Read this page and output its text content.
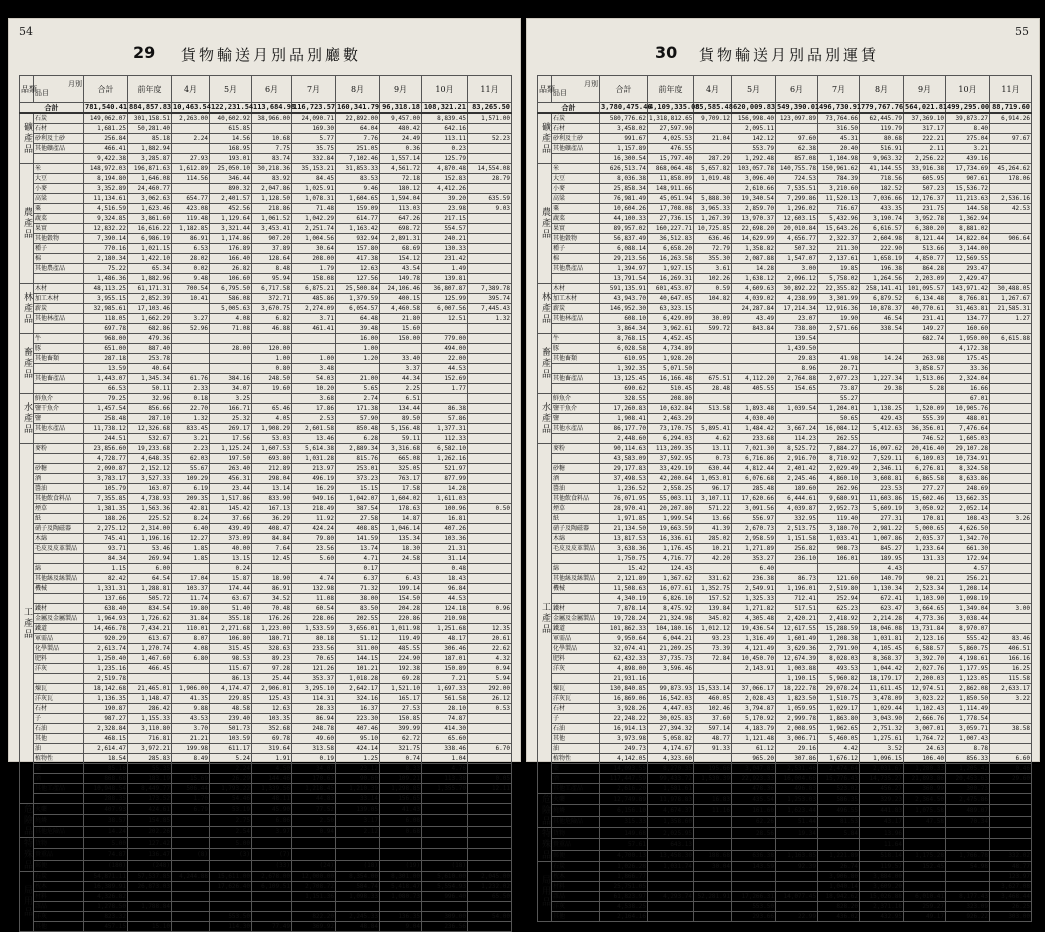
54
29 貨物輸送月別品別廳數
品類	月別
品目	合計	前年度	4月	5月	6月	7月	8月	9月	10月	11月
合計		781,540.41	884,857.83	10,463.54	122,231.54	113,684.98	116,723.57	160,341.79	96,318.18	108,321.21	83,265.50
礦產品	石炭	149,062.07	301,158.51	2,263.00	40,602.92	38,966.00	24,090.71	22,892.00	9,457.00	8,839.45	1,571.00
	石材	1,681.25	50,281.40		615.85		169.30	64.04	480.42	642.16	
	砂利及土砂	256.84	85.18	2.24	14.56	10.68	5.77	7.76	24.49	113.11	52.23
	其他礦產品	466.41	1,882.94		168.95	7.75	35.75	251.05	0.36	0.23	
		9,422.38	3,285.87	27.93	193.01	83.74	332.84	7,102.46	1,557.14	125.79	
農產品	米	148,972.03	196,871.63	1,612.89	25,050.10	30,218.36	35,153.21	31,853.33	4,561.72	4,870.48	14,554.08
	大豆	8,194.80	1,646.08	114.56	346.44	83.92	84.45	83.53	72.18	152.83	28.79
	小麥	3,352.89	24,460.77		890.32	2,047.86	1,025.91	9.46	180.12	4,412.26	
	高粱	11,134.61	3,062.63	654.77	2,401.57	1,128.50	1,078.31	1,604.65	1,594.04	39.20	635.59
	粟	4,516.59	1,623.46	423.08	452.56	218.86	71.48	159.09	113.03	23.98	9.03
	蔬菜	9,324.85	3,861.60	119.48	1,129.64	1,061.52	1,042.29	614.77	647.26	217.15	
	果實	12,832.22	16,616.22	1,182.85	3,321.44	3,453.41	2,251.74	1,163.42	698.72	554.57	
	其他穀物	7,390.14	6,986.19	86.91	1,174.86	907.20	1,004.56	932.94	2,891.31	240.21	
	種子	770.16	1,021.15	6.53	176.89	37.89	30.64	157.80	68.69	130.33	
	棉	2,180.34	1,422.10	28.02	166.40	128.64	208.00	417.38	154.12	231.42	
	其他農產品	75.22	65.34	0.02	26.82	8.48	1.79	12.63	43.54	1.49	
		1,486.36	1,882.96	9.48	106.60	95.94	158.08	127.56	149.78	139.81	
林產品	木材	48,113.25	61,171.31	700.54	6,795.50	6,717.58	6,875.21	25,500.84	24,106.46	36,807.87	7,389.78
	加工木材	3,955.15	2,852.39	10.41	586.08	372.71	485.86	1,379.59	400.15	125.99	395.74
	薪炭	32,985.61	17,103.46		5,005.63	3,670.75	2,274.09	6,054.57	4,460.58	6,007.56	7,445.43
	其他林產品	118.05	1,662.29	3.27	4.08	6.82	3.71	64.48	21.80	12.51	1.32
		697.78	682.86	52.96	71.08	46.88	461.41	39.48	15.60		
畜產品	牛	968.00	479.36					16.00	150.00	779.00	
	豚	651.00	887.40		28.00	120.00		1.00		494.00	
	其他畜類	287.18	253.78			1.00	1.00	1.20	33.40	22.00	
		13.59	40.64			0.80	3.48		3.37	44.53	
	其他畜產品	1,443.07	1,345.34	61.76	384.16	248.50	54.03	21.00	44.34	152.69	
		66.53	50.11	2.33	34.07	19.60	10.20	5.65	2.25	1.77	
水產品	鮮魚介	79.25	32.96	0.18	3.25		3.68	2.74	6.51		
	鹽干魚介	1,457.54	856.66	22.70	166.71	65.46	17.86	171.38	134.44	86.38	
	鹽	258.48	287.10	1.32	25.32	4.05	2.53	57.90	89.50	57.86	
	其他水產品	11,738.12	12,326.68	833.45	269.17	1,908.29	2,601.58	850.48	5,156.48	1,377.31	
		244.51	532.67	3.21	17.56	53.03	13.46	6.28	59.11	112.33	
工產品	麥粉	23,856.60	19,233.68	2.23	1,125.24	1,607.53	5,614.38	2,889.34	3,316.68	6,582.10	
		4,728.77	4,648.35	62.03	197.50	693.80	1,031.28	815.76	665.08	1,262.16	
	砂糖	2,090.87	2,152.12	55.67	263.40	212.89	213.97	253.01	325.05	521.97	
	酒	3,783.17	3,527.33	109.29	456.31	298.04	496.19	373.23	763.17	877.99	
	醬油	105.79	163.07	6.19	23.44	13.14	16.29	15.15	17.58	14.28	
	其他飲食料品	7,355.85	4,738.93	209.35	1,517.86	833.90	949.16	1,042.07	1,604.02	1,611.03	
	煙草	1,381.35	1,563.36	42.81	145.42	167.13	218.49	387.54	178.63	100.96	0.50
	紙	188.26	225.52	8.24	37.66	36.29	11.92	27.58	14.87	16.81	
	硝子及陶磁器	2,275.12	2,314.00	6.40	439.49	408.47	424.24	408.85	1,046.14	407.26	
	木綿	745.41	1,196.16	12.27	373.09	84.84	79.80	141.59	135.34	103.36	
	毛皮及皮革製品	93.71	53.46	1.85	40.00	7.64	23.56	13.74	18.30	21.31	
		84.34	269.94	1.85	13.15	12.45	5.60	4.71	24.58	31.14	
	綿	1.15	6.00		0.24			0.17		0.48	
	其他絲及絲製品	82.42	64.54	17.04	15.87	18.90	4.74	6.37	6.43	18.43	
	機械	1,331.31	1,288.81	103.37	174.44	86.91	132.98	71.32	199.14	96.84	
		137.66	505.72	11.74	63.67	34.52	11.08	38.00	154.50	44.53	
	鐵材	638.40	834.54	19.80	51.40	70.48	60.54	83.50	204.28	124.18	0.96
	金屬及金屬製品	1,964.93	1,726.62	31.84	355.18	176.26	228.06	202.55	220.86	210.98	
	鐵道	14,466.78	7,434.21	110.01	2,271.68	1,223.00	1,533.59	3,656.01	1,011.98	1,251.68	12.35
	軍需品	920.29	613.67	8.07	106.80	180.71	80.18	51.12	119.49	48.17	20.61
	化學製品	2,613.74	1,270.74	4.08	315.45	328.63	233.56	311.00	485.55	306.46	22.62
	肥料	1,250.40	1,467.60	6.80	98.53	89.23	70.65	144.15	224.90	187.01	4.32
	洋灰	1,235.16	466.45		115.67	97.28	121.26	101.21	192.38	150.89	0.94
		2,519.78			86.13	25.44	353.37	1,018.28	69.28	7.21	5.94
	煉瓦	18,142.68	21,465.01	1,906.00	4,174.47	2,906.01	3,295.10	2,642.17	1,521.10	1,697.33	292.00
	洋灰瓦	1,136.35	1,148.47	41.35	229.85	125.43	114.31	324.16	165.17	561.58	26.12
	石材	190.87	286.42	9.88	48.58	12.63	28.33	16.37	27.53	28.10	0.53
	子	987.27	1,155.33	43.53	239.40	103.35	86.94	223.30	150.85	74.87	
	石油	2,328.84	3,110.80	3.70	501.73	352.68	248.78	407.46	399.99	414.30	
	其他	468.15	716.81	21.21	103.59	69.78	49.60	95.10	62.72	65.60	
	油	2,614.47	3,972.21	199.98	611.17	319.64	313.58	424.14	321.75	338.46	6.70
	植物性	18.54	285.83	8.49	5.24	1.91	0.19	1.25	0.74	1.04	
	藥	85.16	55.35		2.24	4.50	34.07	23.12	8.33	4.76	
	酒	868.68	183.19	15.69	26.29	144.46	170.63	90.60	109.21	113.38	0.05
	其他工產品	10,948.54	8,449.77	506.44	1,793.22	1,339.56	1,218.45	1,210.39	1,298.85	1,355.70	12.11
		288.35	173.52	1.70	54.46	48.11	44.83	33.14	156.65		
危險品	火藥	407.93	424.61	6.79	53.19	45.90	77.52	139.05	41.43		
	燒燐	38.57	154.85		2.75	6.86	2.50	3.17	6.08		
	其他危險品	14.24	202.26		2.54	3.97	0.94	2.12	0.68		
特殊品	貨物	5.00	127.42		5.00						
	貴重品	74.87	136.47	(8)	(3)	(7)					
	郵便	(180)	(248)			(33)	(24)	(18)	(19)	(18)	
局用品	石炭	54,871.11	57,537.85	4,244.88	15,611.00	2,678.00	12,000.00	8,354.00	8,301.00	5,610.00	2,045.00
	枕木	16,389.91	26,873.03		17,626.40	6,109.51	2,708.72	584.74	5,418.47	5,554.93	1,232.02
	材料	4,326.82					1,151.36	1,098.33	1,080.73	996.40	65.50
	雜品	1,278.50	1,788.84								
	洋灰	823.32			553.50		822.20	2,245.33	136.35	309.00	54.00
	其他	457.15	15.10		114.30	77.49	369.92	48.84	9.04	236.56	
55
30 貨物輸送月別品別運賃
品類	月別
品目	合計	前年度	4月	5月	6月	7月	8月	9月	10月	11月
合計		3,780,475.46	4,109,335.08	85,585.48	620,009.83	549,390.01	496,730.91	779,767.76	564,021.81	499,295.00	88,719.60
礦產品	石炭	580,776.62	1,318,812.65	9,709.12	156,998.40	123,097.89	73,764.66	62,445.79	37,369.10	39,873.27	6,914.26
	石材	3,458.02	27,597.90		2,095.11		316.50	119.79	317.17	8.40	
	砂利及土砂	991.67	4,025.53	21.04	142.12	97.60	45.31	80.68	222.21	275.04	97.67
	其他礦產品	1,157.89	476.55		553.79	62.38	20.40	516.91	2.11	3.21	
		16,300.54	15,797.40	287.29	1,292.48	857.08	1,104.98	9,963.32	2,256.22	439.16	
農產品	米	626,513.74	868,064.48	5,657.82	103,057.78	140,755.78	150,961.62	41,144.55	33,916.38	17,734.69	45,264.62
	大豆	8,036.38	11,858.09	1,019.48	3,096.40	724.53	784.39	718.56	605.95	907.61	178.06
	小麥	25,858.34	148,911.66		2,610.66	7,535.51	3,210.60	182.52	507.23	15,536.72	
	高粱	76,981.49	45,051.94	5,888.30	19,340.54	7,299.86	11,520.13	7,036.66	12,176.37	11,213.63	2,536.16
	粟	10,604.26	17,708.08	3,965.33	2,859.70	1,296.02	716.67	433.35	231.75	144.58	42.53
	蔬菜	44,100.33	27,736.15	1,267.39	13,970.37	12,603.15	5,432.96	3,190.74	3,952.78	1,362.94	
	果實	89,957.02	160,227.71	10,725.85	22,698.20	20,010.84	15,643.26	6,616.57	6,380.20	8,881.02	
	其他穀物	56,837.49	36,512.83	636.46	14,629.99	4,656.77	2,322.37	2,604.98	8,121.44	14,822.04	906.64
	種子	6,088.14	6,658.20	72.79	1,358.82	507.32	211.30	222.90	513.66	3,144.00	
	棉	29,213.56	16,263.58	355.30	2,087.88	1,547.07	2,137.61	1,658.19	4,850.77	12,569.55	
	其他農產品	1,394.97	1,927.15	3.61	14.28	3.00	19.85	196.38	864.28	293.47	
		13,791.54	16,269.31	102.26	1,638.12	2,096.12	5,758.02	1,264.56	2,203.09	2,429.47	
林產品	木材	591,135.91	601,453.07	0.59	4,609.63	30,892.22	22,355.82	258,141.41	101,095.57	143,971.42	30,488.05
	加工木材	43,943.70	40,647.05	104.82	4,039.02	4,238.99	3,301.99	6,879.52	6,134.48	8,766.81	1,267.67
	薪炭	146,952.30	63,323.15		24,287.84	17,214.34	12,916.36	10,878.37	40,770.61	31,463.81	21,585.31
	其他林產品	608.10	6,429.09	30.09	43.49	23.07	19.90	46.54	231.41	134.77	1.27
		3,864.34	3,962.61	599.72	843.84	738.80	2,571.66	338.54	149.27	160.60	
畜產品	牛	8,768.15	4,452.45			139.54			682.74	1,950.00	6,615.88
	豚	6,028.58	4,734.89			1,439.50				4,172.38	
	其他畜類	610.95	1,928.20			29.83	41.98	14.24	263.98	175.45	
		1,392.35	5,071.50			8.96	20.71		3,858.57	33.36	
	其他畜產品	13,125.45	16,166.48	675.51	4,112.20	2,764.88	2,077.23	1,227.34	1,513.06	2,324.04	
		690.62	510.45	28.48	405.55	154.65	73.87	29.38	5.28	16.66	
水產品	鮮魚介	328.55	208.80				55.27			67.01	
	鹽干魚介	17,260.83	10,632.84	513.58	1,893.48	1,039.54	1,204.01	1,138.25	1,520.09	10,905.76	
	鹽	1,908.41	2,463.29		4,030.40		50.65	429.43	555.39	488.01	
	其他水產品	86,177.70	73,170.75	5,895.41	1,484.42	3,667.24	16,084.12	5,412.63	36,356.01	7,476.64	
		2,448.60	6,294.03	4.62	233.68	114.23	262.55		746.52	1,605.03	
工產品	麥粉	90,114.63	113,209.35	13.11	7,021.30	8,525.72	7,884.27	16,097.62	20,416.40	29,107.28	
		43,583.09	37,592.95	0.73	6,716.86	2,916.70	8,710.92	7,529.11	6,109.03	10,734.91	
	砂糖	29,177.83	33,429.19	630.44	4,812.44	2,401.42	2,029.49	2,346.11	6,276.81	8,324.58	
	酒	37,498.53	42,200.64	1,053.01	6,076.68	2,245.46	4,860.10	3,608.81	6,865.58	8,633.86	
	醬油	1,236.52	2,558.25	96.17	285.48	189.60	262.96	223.53	277.27	248.69	
	其他飲食料品	76,071.95	55,003.11	3,107.11	17,620.66	6,444.61	9,680.91	11,603.86	15,602.46	13,662.35	
	煙草	28,970.41	20,207.80	571.22	3,091.56	4,039.87	2,952.73	5,609.19	3,050.92	2,052.14	
	紙	1,971.85	1,999.54	13.66	556.97	332.95	119.40	277.31	170.81	108.43	3.26
	硝子及陶磁器	21,134.50	19,663.59	41.39	2,670.73	2,513.75	3,180.70	2,981.22	5,000.65	4,626.50	
	木綿	13,817.53	16,336.61	285.02	2,958.59	1,151.58	1,033.41	1,007.86	2,035.37	1,342.70	
	毛皮及皮革製品	3,638.36	1,176.45	10.21	1,271.89	256.82	908.73	845.27	1,233.64	661.30	
		1,750.75	4,716.77	42.20	353.27	236.10	106.01	189.95	131.33	172.94	
	綿	15.42	124.43		6.40			4.43		4.57	
	其他絲及絲製品	2,121.89	1,367.62	331.62	236.38	86.73	121.60	140.79	90.21	256.21	
	機械	11,508.63	16,077.61	1,352.75	2,549.91	1,196.01	2,519.80	1,130.34	2,523.34	1,208.14	
		4,340.19	6,826.10	157.52	1,325.33	712.41	252.94	672.41	1,103.90	1,098.19	
	鐵材	7,878.14	8,475.92	139.84	1,271.82	517.51	625.23	623.47	3,664.65	1,349.04	3.00
	金屬及金屬製品	19,728.24	21,324.98	345.02	4,305.48	2,420.21	2,418.92	2,214.28	4,773.36	3,038.44	
	鐵道	101,862.33	104,180.16	1,012.12	19,436.54	12,617.55	15,288.59	18,046.08	13,731.84	8,970.07	
	軍需品	9,950.64	6,044.21	93.23	1,316.49	1,601.49	1,208.38	1,031.81	2,123.16	555.42	83.46
	化學製品	32,074.41	21,209.25	73.39	4,121.49	3,629.36	2,791.90	4,105.45	6,588.57	5,860.75	406.51
	肥料	62,432.33	37,735.73	72.84	10,450.70	12,674.39	8,028.03	8,368.37	3,392.70	4,198.61	166.16
	洋灰	4,898.00	3,596.46		2,143.91	1,003.88	493.53	1,044.42	2,027.76	1,177.95	16.25
		21,931.16				1,190.15	5,960.82	18,179.17	2,200.03	1,123.05	115.58
	煉瓦	130,840.85	99,873.93	15,533.14	37,066.17	18,222.78	29,078.24	11,611.45	12,974.51	2,862.08	2,633.17
	洋灰瓦	16,869.06	16,542.03	460.05	2,028.43	1,823.50	1,510.75	3,478.09	3,023.22	1,850.50	3.22
	石材	3,928.26	4,447.03	102.46	3,794.87	1,059.95	1,029.17	1,029.44	1,102.43	1,114.49	
	子	22,248.22	30,025.83	37.60	5,170.92	2,999.78	1,863.80	3,043.90	2,666.76	1,778.54	
	石油	16,914.13	27,394.32	597.14	4,183.79	2,008.95	1,962.65	2,751.32	3,007.01	3,059.71	38.58
	其他	3,973.98	5,058.82	48.77	1,121.48	3,006.71	5,460.05	1,275.61	1,764.72	1,007.43	
	油	249.73	4,174.67	91.33	61.12	29.16	4.42	3.52	24.63	8.78	
	植物性	4,142.05	4,323.60		965.20	307.86	1,676.12	1,096.15	106.40	856.33	6.60
	藥	14,093.55	8,270.35	195.66	3,047.83	2,531.46	2,474.64	2,031.67	1,280.33	1,205.42	0.46
	酒	117,447.59	99,433.72	1,530.39	22,923.33	16,004.66	15,776.43	14,735.27	21,893.86	20,453.63	29.60
	其他工產品	2,616.20	1,581.61		478.36	496.83	523.02	456.27	360.99	300.73	
危險品	火藥	12,749.89	11,978.83	16.83	435.54	1,253.03	586.35	329.23	2,364.50	2,475.86	
	燒燐	6,156.10	4,674.37	11.16	161.60	1,623.44	496.55	441.83	1,075.58	489.07	
	其他危險品	315.33	1,358.60		62.26	51.44	81.53	43.17	47.58	70.34	
特殊品	貨物	149.68	2,025.95		28.56	19.34	5.84	13.96			
	貴重品	57.61	643.13					11.64			
	郵便	4,700.13	13,458.30	188.68	636.38	1,163.85	1,221.89	518.14	1,175.28	1,766.78	332.02
局用品	石炭	1,026.28	1,031.74	30.04	143.59	92.39	26.74	119.57	152.45	54.98	48.77
	枕木	1,866.77					3,906.80	3,884.00			123.97
	材料	25,751.05					1,040.14	3,609.20			3,627.08
	雜品	61,823.97	4,293.74	52,281.91	17,266.31	14,077.45	18,942.62	15,026.88	6,010.41	8,177.43	3,468.44
	洋灰	4,538.25			553.50		828.20	2,371.18	259.27	323.09	26.25
	其他	2,164.16			293.66	22.99	436.02	432.95	49.17	926.22	303.00
